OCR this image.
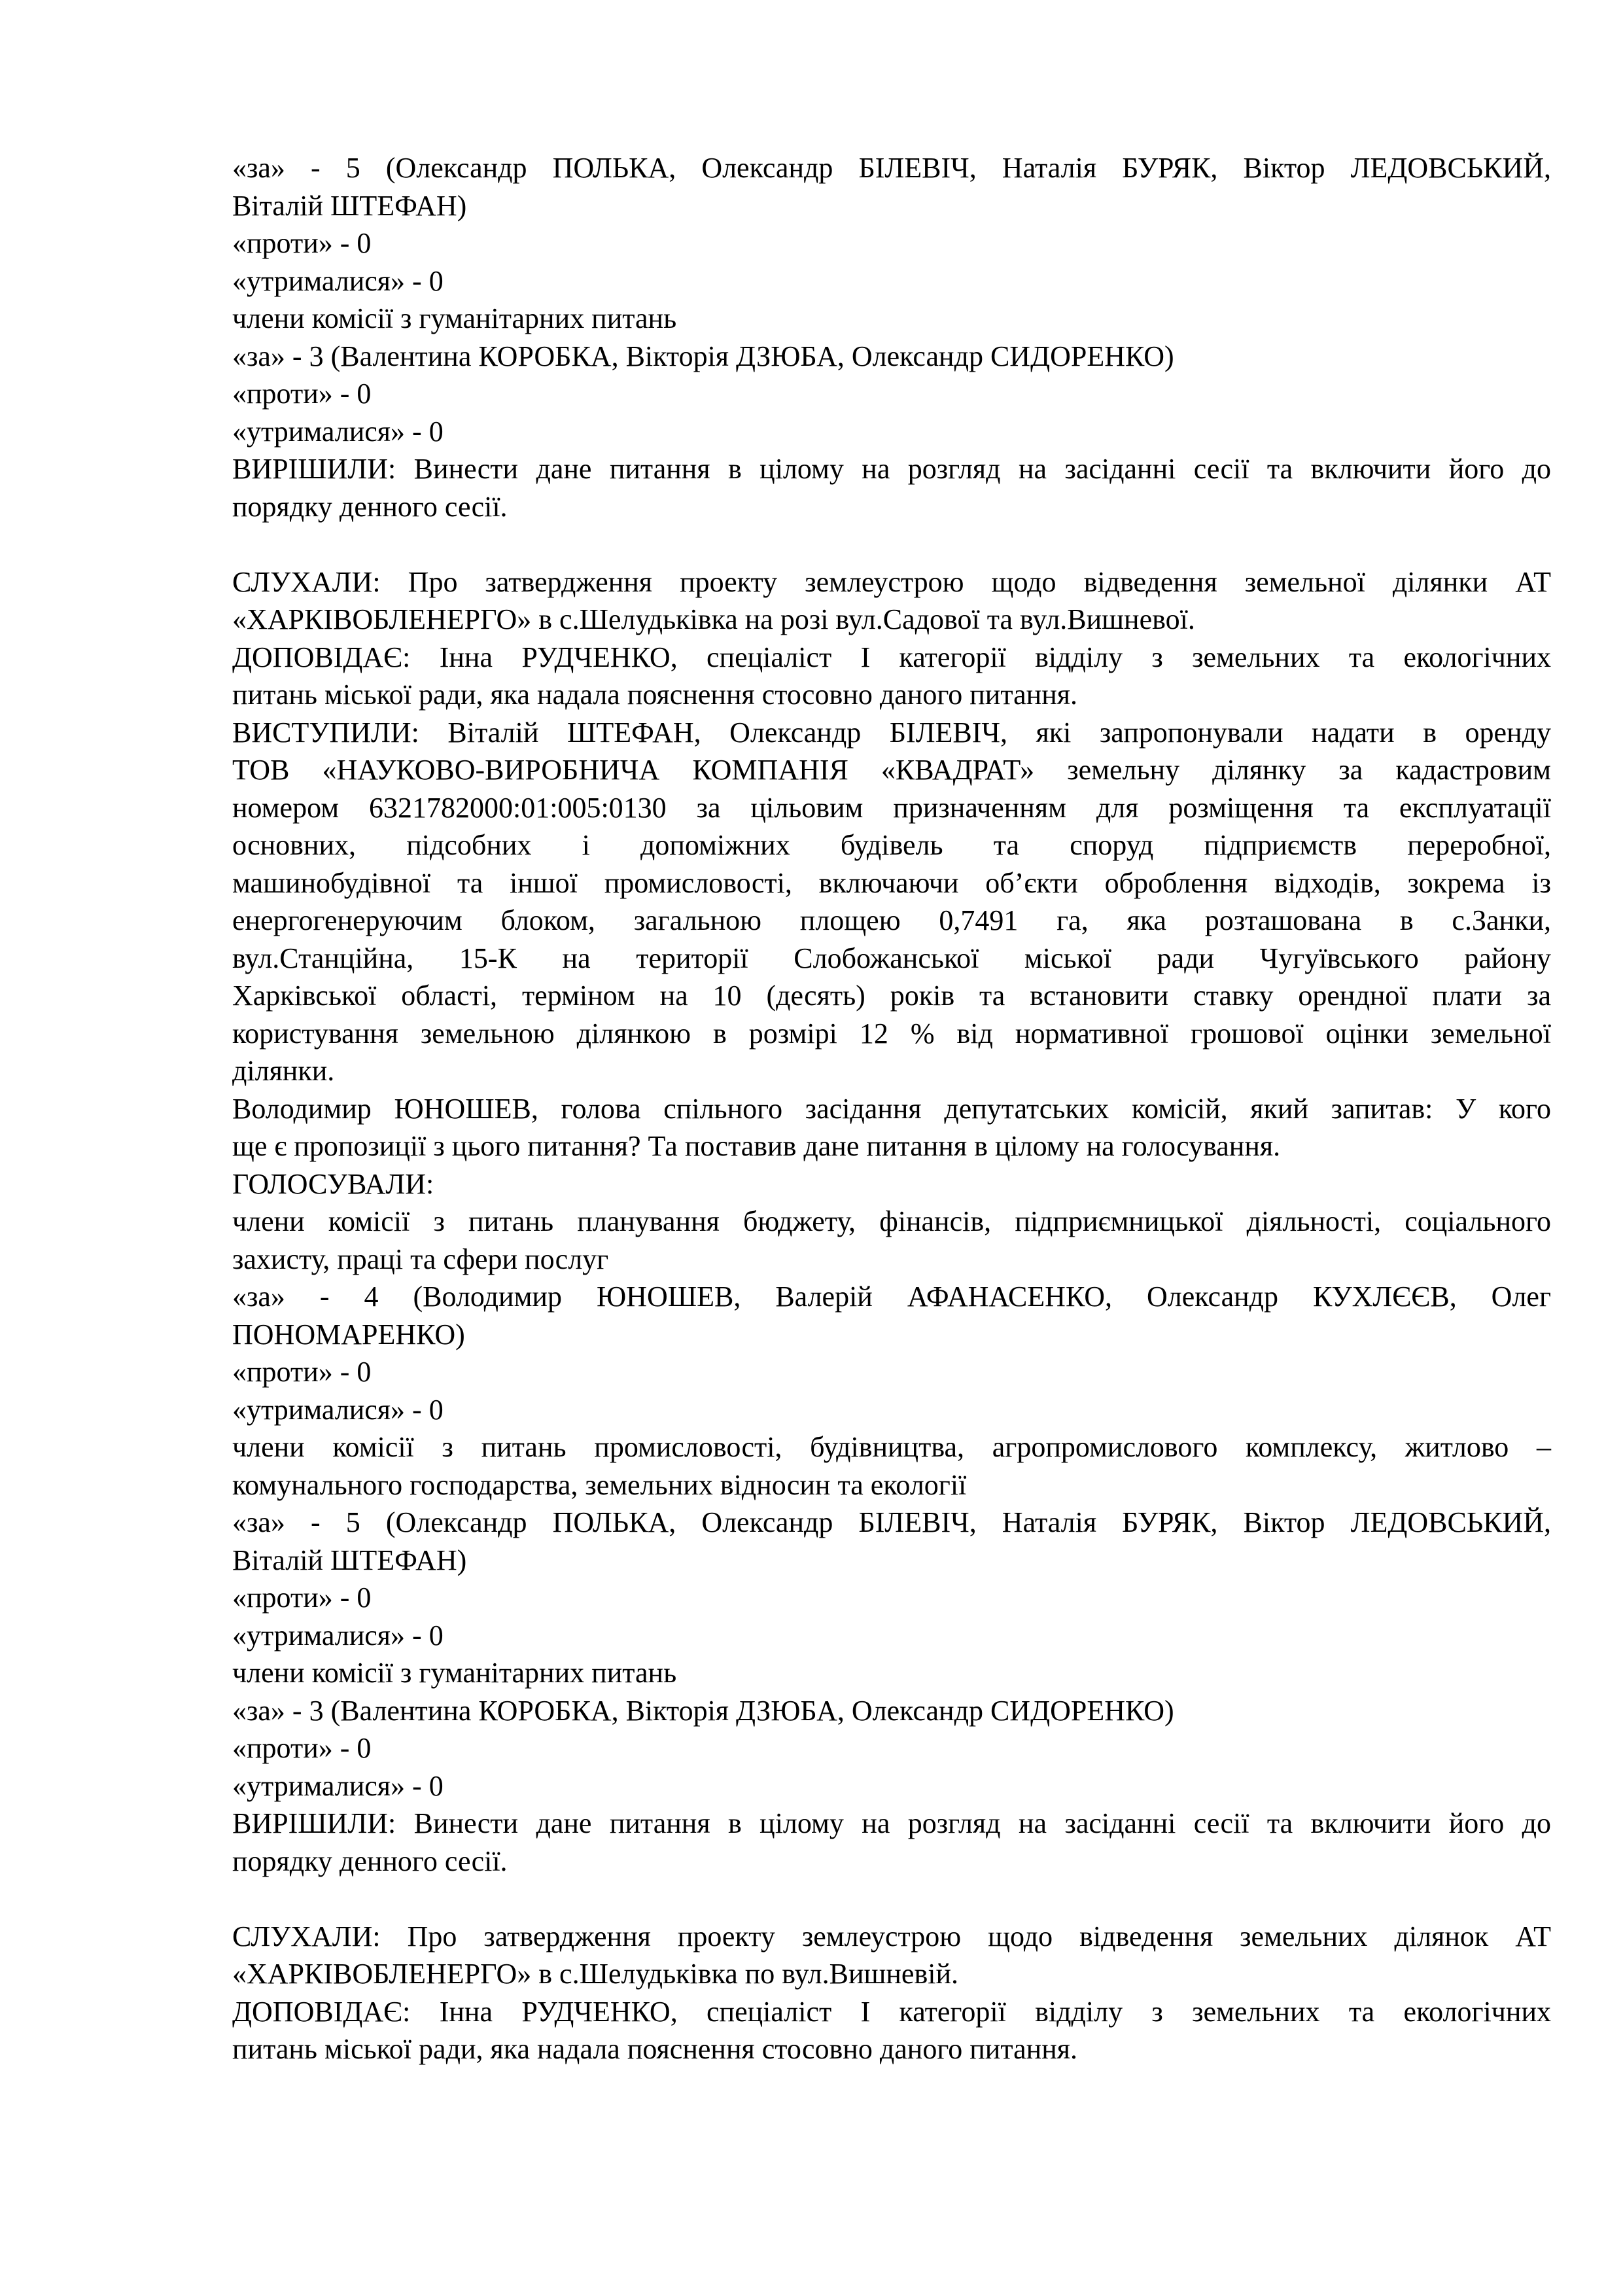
«за» - 5 (Олександр ПОЛЬКА, Олександр БІЛЕВІЧ, Наталія БУРЯК, Віктор ЛЕДОВСЬКИЙ,
Віталій ШТЕФАН)
«проти» - 0
«утрималися» - 0
члени комісії з гуманітарних питань
«за» - 3 (Валентина КОРОБКА, Вікторія ДЗЮБА, Олександр СИДОРЕНКО)
«проти» - 0
«утрималися» - 0
ВИРІШИЛИ: Винести дане питання в цілому на розгляд на засіданні сесії та включити його до
порядку денного сесії.
СЛУХАЛИ: Про затвердження проекту землеустрою щодо відведення земельної ділянки АТ
«ХАРКІВОБЛЕНЕРГО» в с.Шелудьківка на розі вул.Садової та вул.Вишневої.
ДОПОВІДАЄ: Інна РУДЧЕНКО, спеціаліст І категорії відділу з земельних та екологічних
питань міської ради, яка надала пояснення стосовно даного питання.
ВИСТУПИЛИ: Віталій ШТЕФАН, Олександр БІЛЕВІЧ, які запропонували надати в оренду
ТОВ «НАУКОВО-ВИРОБНИЧА КОМПАНІЯ «КВАДРАТ» земельну ділянку за кадастровим
номером 6321782000:01:005:0130 за цільовим призначенням для розміщення та експлуатації
основних, підсобних і допоміжних будівель та споруд підприємств переробної,
машинобудівної та іншої промисловості, включаючи об’єкти оброблення відходів, зокрема із
енергогенеруючим блоком, загальною площею 0,7491 га, яка розташована в с.Занки,
вул.Станційна, 15-К на території Слобожанської міської ради Чугуївського району
Харківської області, терміном на 10 (десять) років та встановити ставку орендної плати за
користування земельною ділянкою в розмірі 12 % від нормативної грошової оцінки земельної
ділянки.
Володимир ЮНОШЕВ, голова спільного засідання депутатських комісій, який запитав: У кого
ще є пропозиції з цього питання? Та поставив дане питання в цілому на голосування.
ГОЛОСУВАЛИ:
члени комісії з питань планування бюджету, фінансів, підприємницької діяльності, соціального
захисту, праці та сфери послуг
«за» - 4 (Володимир ЮНОШЕВ, Валерій АФАНАСЕНКО, Олександр КУХЛЄЄВ, Олег
ПОНОМАРЕНКО)
«проти» - 0
«утрималися» - 0
члени комісії з питань промисловості, будівництва, агропромислового комплексу, житлово –
комунального господарства, земельних відносин та екології
«за» - 5 (Олександр ПОЛЬКА, Олександр БІЛЕВІЧ, Наталія БУРЯК, Віктор ЛЕДОВСЬКИЙ,
Віталій ШТЕФАН)
«проти» - 0
«утрималися» - 0
члени комісії з гуманітарних питань
«за» - 3 (Валентина КОРОБКА, Вікторія ДЗЮБА, Олександр СИДОРЕНКО)
«проти» - 0
«утрималися» - 0
ВИРІШИЛИ: Винести дане питання в цілому на розгляд на засіданні сесії та включити його до
порядку денного сесії.
СЛУХАЛИ: Про затвердження проекту землеустрою щодо відведення земельних ділянок АТ
«ХАРКІВОБЛЕНЕРГО» в с.Шелудьківка по вул.Вишневій.
ДОПОВІДАЄ: Інна РУДЧЕНКО, спеціаліст І категорії відділу з земельних та екологічних
питань міської ради, яка надала пояснення стосовно даного питання.
